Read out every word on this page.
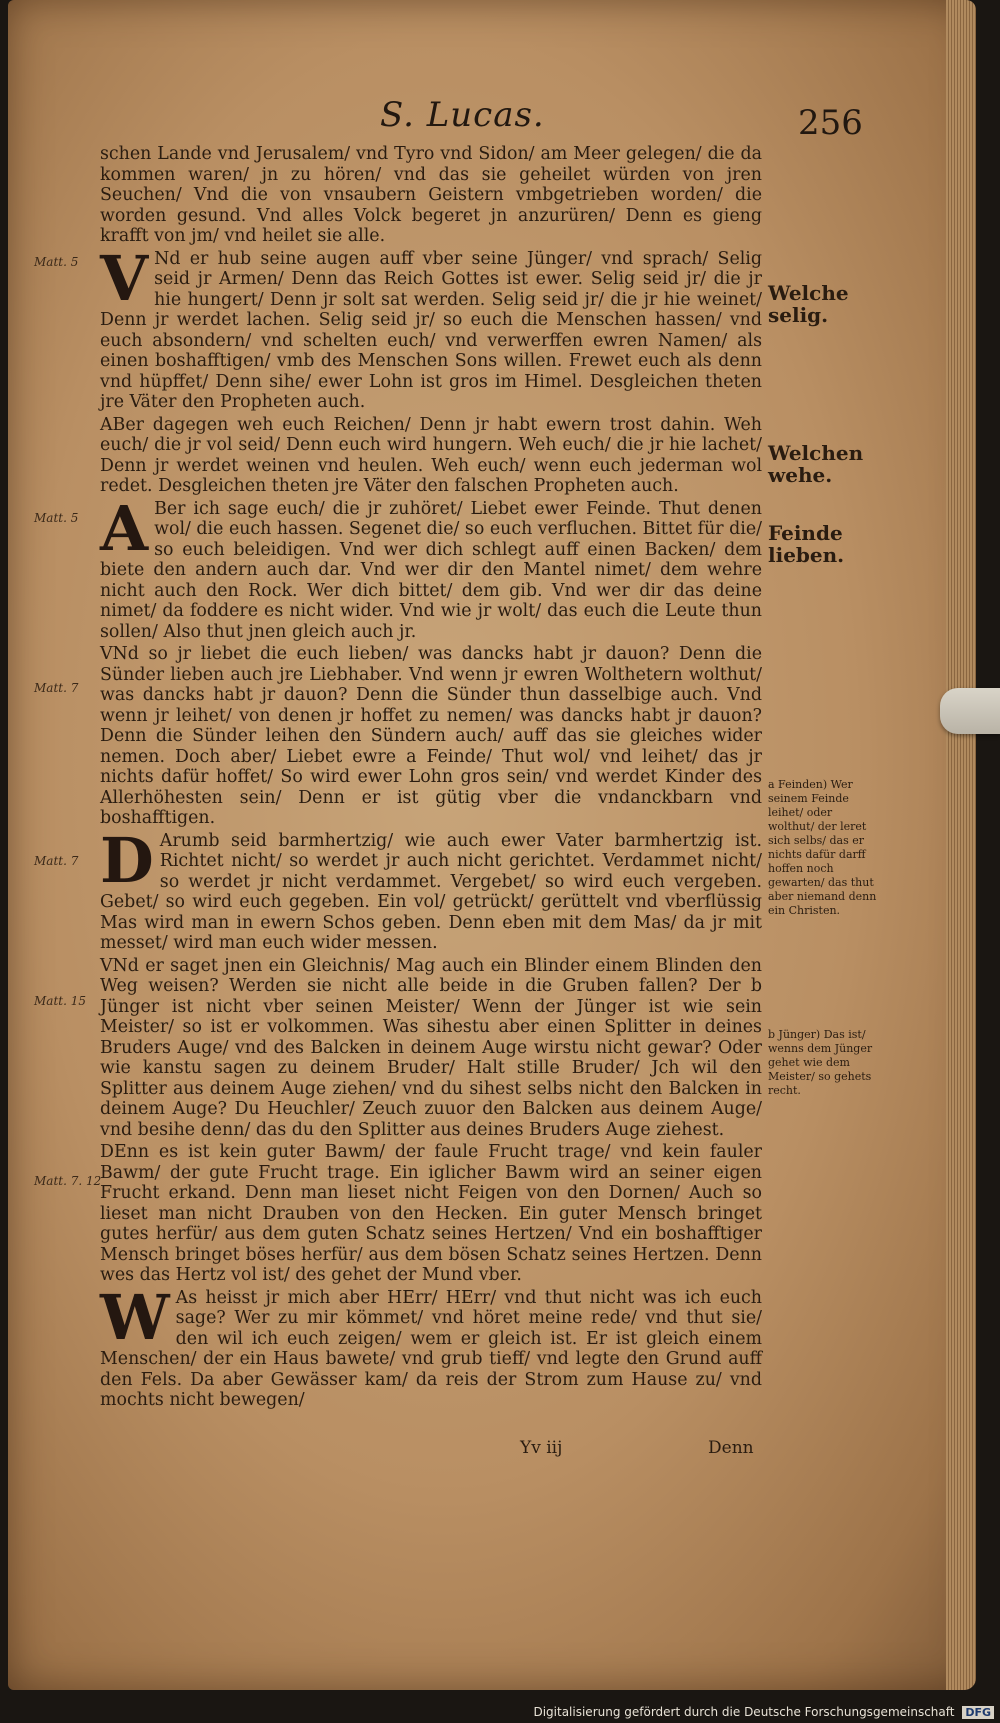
S. Lucas.	256
Matt. 5
Matt. 5
Matt. 7
Matt. 7
Matt. 15
Matt. 7. 12

schen Lande vnd Jerusalem/ vnd Tyro vnd Sidon/ am Meer gelegen/ die da kommen waren/ jn zu hören/ vnd das sie geheilet würden von jren Seuchen/ Vnd die von vnsaubern Geistern vmbgetrieben worden/ die worden gesund. Vnd alles Volck begeret jn anzurüren/ Denn es gieng krafft von jm/ vnd heilet sie alle.

V Nd er hub seine augen auff vber seine Jünger/ vnd sprach/ Selig seid jr Armen/ Denn das Reich Gottes ist ewer. Selig seid jr/ die jr hie hungert/ Denn jr solt sat werden. Selig seid jr/ die jr hie weinet/ Denn jr werdet lachen. Selig seid jr/ so euch die Menschen hassen/ vnd euch absondern/ vnd schelten euch/ vnd verwerffen ewren Namen/ als einen boshafftigen/ vmb des Menschen Sons willen. Frewet euch als denn vnd hüpffet/ Denn sihe/ ewer Lohn ist gros im Himel. Desgleichen theten jre Väter den Propheten auch.

ABer dagegen weh euch Reichen/ Denn jr habt ewern trost dahin. Weh euch/ die jr vol seid/ Denn euch wird hungern. Weh euch/ die jr hie lachet/ Denn jr werdet weinen vnd heulen. Weh euch/ wenn euch jederman wol redet. Desgleichen theten jre Väter den falschen Propheten auch.

A Ber ich sage euch/ die jr zuhöret/ Liebet ewer Feinde. Thut denen wol/ die euch hassen. Segenet die/ so euch verfluchen. Bittet für die/ so euch beleidigen. Vnd wer dich schlegt auff einen Backen/ dem biete den andern auch dar. Vnd wer dir den Mantel nimet/ dem wehre nicht auch den Rock. Wer dich bittet/ dem gib. Vnd wer dir das deine nimet/ da foddere es nicht wider. Vnd wie jr wolt/ das euch die Leute thun sollen/ Also thut jnen gleich auch jr.

VNd so jr liebet die euch lieben/ was dancks habt jr dauon? Denn die Sünder lieben auch jre Liebhaber. Vnd wenn jr ewren Wolthetern wolthut/ was dancks habt jr dauon? Denn die Sünder thun dasselbige auch. Vnd wenn jr leihet/ von denen jr hoffet zu nemen/ was dancks habt jr dauon? Denn die Sünder leihen den Sündern auch/ auff das sie gleiches wider nemen. Doch aber/ Liebet ewre a Feinde/ Thut wol/ vnd leihet/ das jr nichts dafür hoffet/ So wird ewer Lohn gros sein/ vnd werdet Kinder des Allerhöhesten sein/ Denn er ist gütig vber die vndanckbarn vnd boshafftigen.

D Arumb seid barmhertzig/ wie auch ewer Vater barmhertzig ist. Richtet nicht/ so werdet jr auch nicht gerichtet. Verdammet nicht/ so werdet jr nicht verdammet. Vergebet/ so wird euch vergeben. Gebet/ so wird euch gegeben. Ein vol/ getrückt/ gerüttelt vnd vberflüssig Mas wird man in ewern Schos geben. Denn eben mit dem Mas/ da jr mit messet/ wird man euch wider messen.

VNd er saget jnen ein Gleichnis/ Mag auch ein Blinder einem Blinden den Weg weisen? Werden sie nicht alle beide in die Gruben fallen? Der b Jünger ist nicht vber seinen Meister/ Wenn der Jünger ist wie sein Meister/ so ist er volkommen. Was sihestu aber einen Splitter in deines Bruders Auge/ vnd des Balcken in deinem Auge wirstu nicht gewar? Oder wie kanstu sagen zu deinem Bruder/ Halt stille Bruder/ Jch wil den Splitter aus deinem Auge ziehen/ vnd du sihest selbs nicht den Balcken in deinem Auge? Du Heuchler/ Zeuch zuuor den Balcken aus deinem Auge/ vnd besihe denn/ das du den Splitter aus deines Bruders Auge ziehest.

DEnn es ist kein guter Bawm/ der faule Frucht trage/ vnd kein fauler Bawm/ der gute Frucht trage. Ein iglicher Bawm wird an seiner eigen Frucht erkand. Denn man lieset nicht Feigen von den Dornen/ Auch so lieset man nicht Drauben von den Hecken. Ein guter Mensch bringet gutes herfür/ aus dem guten Schatz seines Hertzen/ Vnd ein boshafftiger Mensch bringet böses herfür/ aus dem bösen Schatz seines Hertzen. Denn wes das Hertz vol ist/ des gehet der Mund vber.

W As heisst jr mich aber HErr/ HErr/ vnd thut nicht was ich euch sage? Wer zu mir kömmet/ vnd höret meine rede/ vnd thut sie/ den wil ich euch zeigen/ wem er gleich ist. Er ist gleich einem Menschen/ der ein Haus bawete/ vnd grub tieff/ vnd legte den Grund auff den Fels. Da aber Gewässer kam/ da reis der Strom zum Hause zu/ vnd mochts nicht bewegen/

Welche selig.
Welchen wehe.
Feinde lieben.
a Feinden) Wer seinem Feinde leihet/ oder wolthut/ der leret sich selbs/ das er nichts dafür darff hoffen noch gewarten/ das thut aber niemand denn ein Christen.
b Jünger) Das ist/ wenns dem Jünger gehet wie dem Meister/ so gehets recht.
Yv iij	Denn
Digitalisierung gefördert durch die Deutsche Forschungsgemeinschaft DFG
